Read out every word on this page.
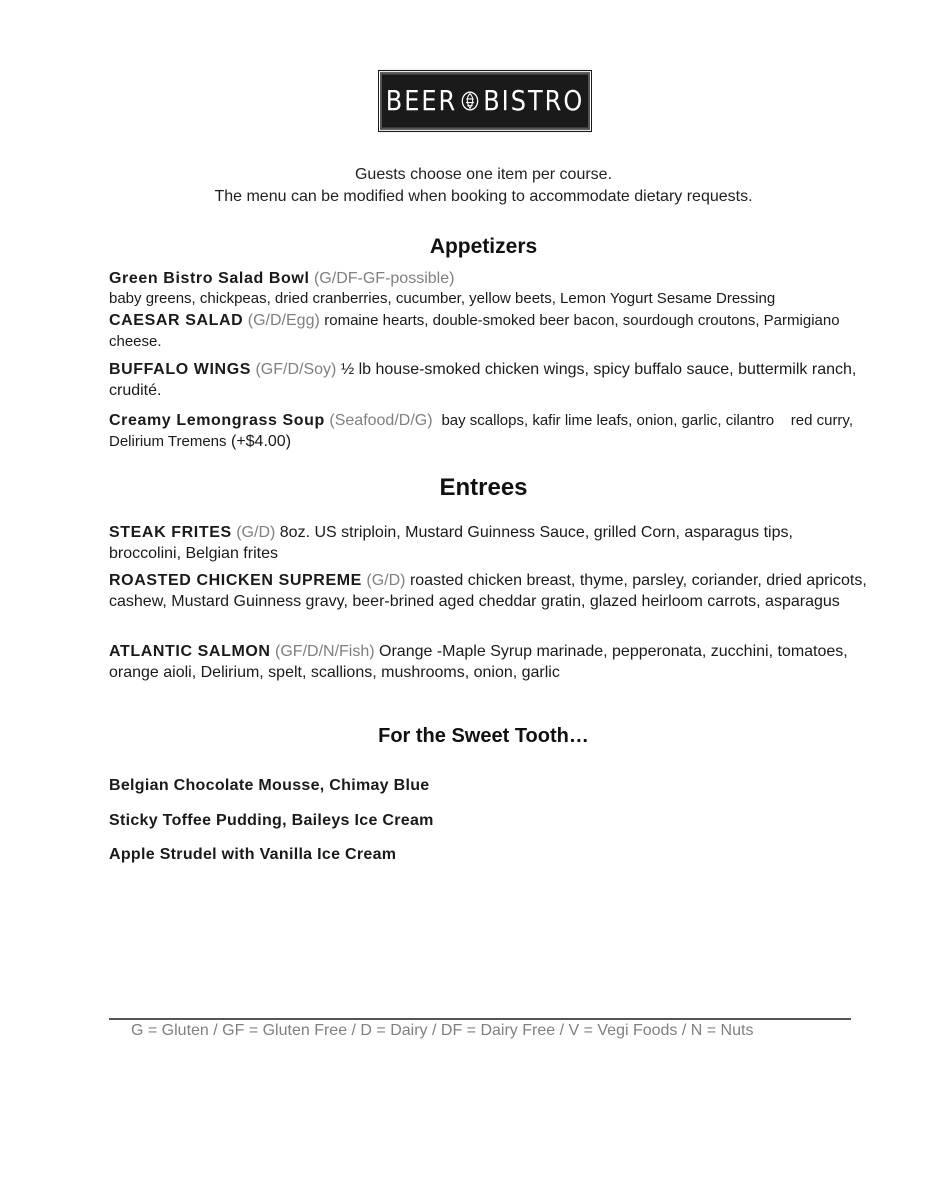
BEER BISTRO
Guests choose one item per course.
The menu can be modified when booking to accommodate dietary requests.
Appetizers
Green Bistro Salad Bowl (G/DF-GF-possible)
baby greens, chickpeas, dried cranberries, cucumber, yellow beets, Lemon Yogurt Sesame Dressing
CAESAR SALAD (G/D/Egg) romaine hearts, double-smoked beer bacon, sourdough croutons, Parmigiano cheese.
BUFFALO WINGS (GF/D/Soy) ½ lb house-smoked chicken wings, spicy buffalo sauce, buttermilk ranch, crudité.
Creamy Lemongrass Soup (Seafood/D/G) bay scallops, kafir lime leafs, onion, garlic, cilantro    red curry, Delirium Tremens (+$4.00)
Entrees
STEAK FRITES (G/D) 8oz. US striploin, Mustard Guinness Sauce, grilled Corn, asparagus tips, broccolini, Belgian frites
ROASTED CHICKEN SUPREME (G/D) roasted chicken breast, thyme, parsley, coriander, dried apricots, cashew, Mustard Guinness gravy, beer-brined aged cheddar gratin, glazed heirloom carrots, asparagus
ATLANTIC SALMON (GF/D/N/Fish) Orange -Maple Syrup marinade, pepperonata, zucchini, tomatoes, orange aioli, Delirium, spelt, scallions, mushrooms, onion, garlic
For the Sweet Tooth…
Belgian Chocolate Mousse, Chimay Blue
Sticky Toffee Pudding, Baileys Ice Cream
Apple Strudel with Vanilla Ice Cream
G = Gluten / GF = Gluten Free / D = Dairy / DF = Dairy Free / V = Vegi Foods / N = Nuts
